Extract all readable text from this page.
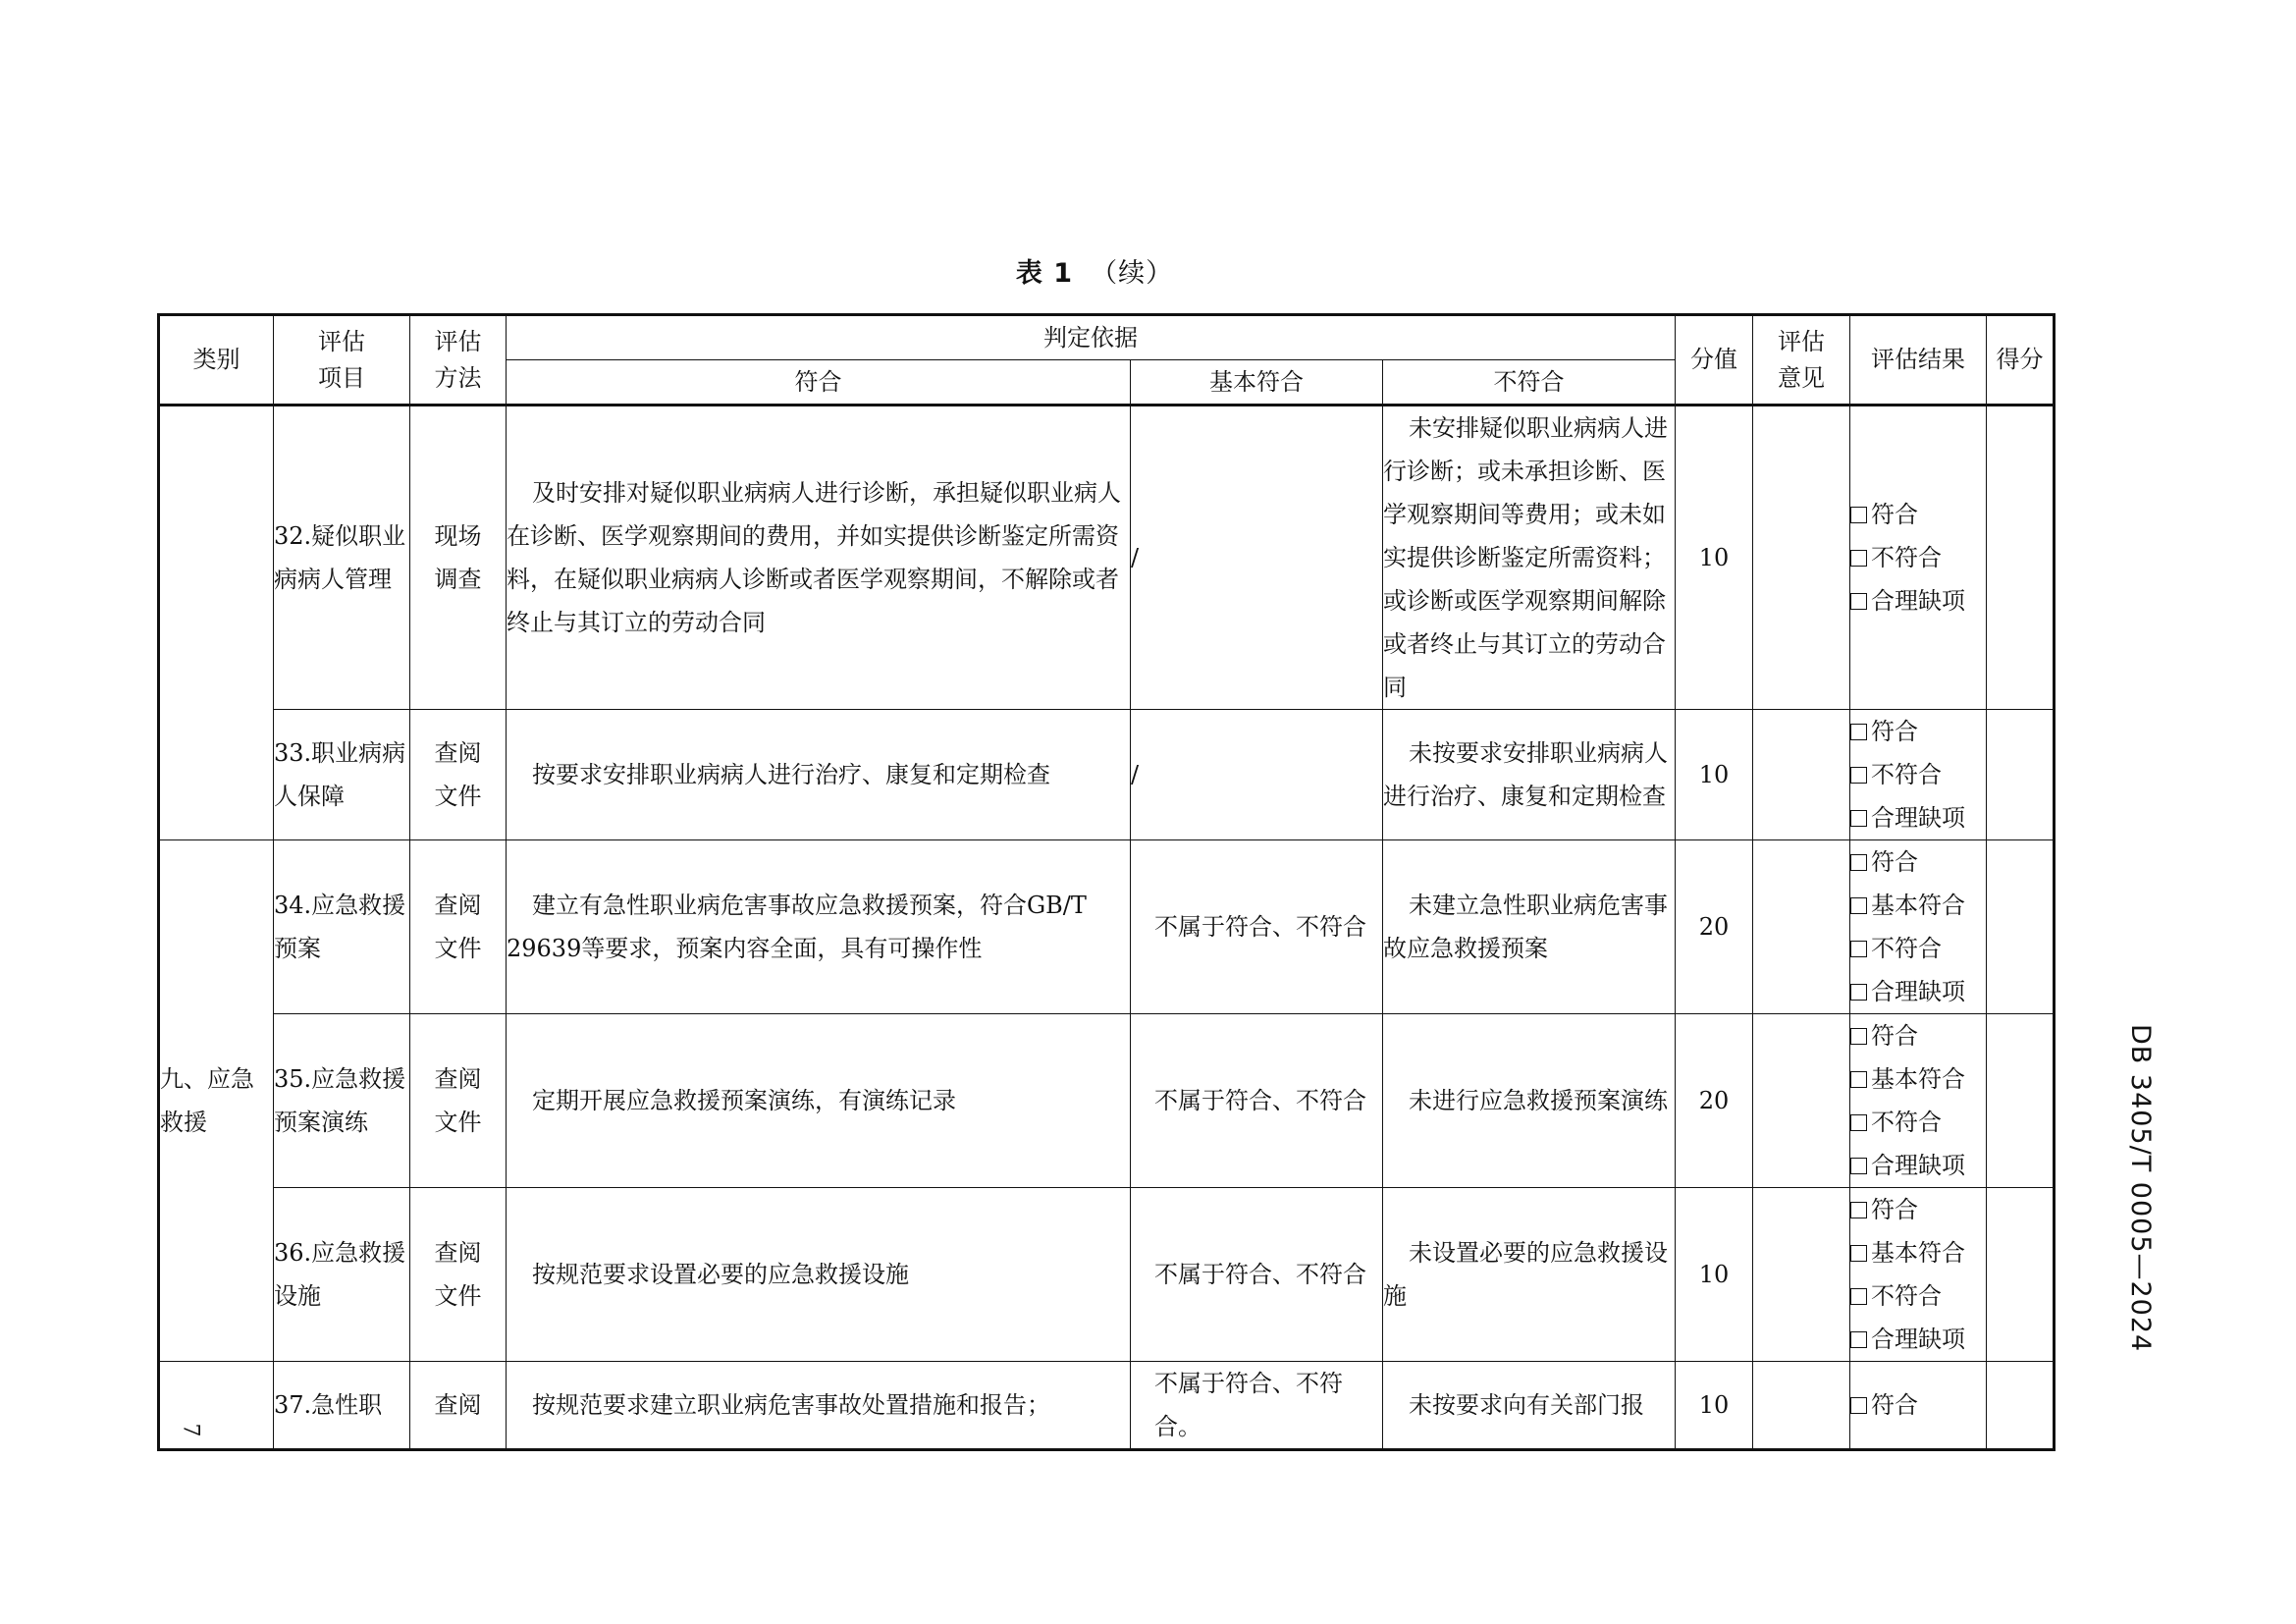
表 1 （续）
类别	评估项目	评估方法	判定依据			分值	评估意见	评估结果	得分
			符合	基本符合	不符合				
	32.疑似职业病病人管理	现场调查	及时安排对疑似职业病病人进行诊断，承担疑似职业病人在诊断、医学观察期间的费用，并如实提供诊断鉴定所需资料，在疑似职业病病人诊断或者医学观察期间，不解除或者终止与其订立的劳动合同	/	未安排疑似职业病病人进行诊断；或未承担诊断、医学观察期间等费用；或未如实提供诊断鉴定所需资料；或诊断或医学观察期间解除或者终止与其订立的劳动合同	10		符合
不符合
合理缺项	

	33.职业病病人保障	查阅文件	按要求安排职业病病人进行治疗、康复和定期检查	/	未按要求安排职业病病人进行治疗、康复和定期检查	10		符合
不符合
合理缺项	

九、应急救援	34.应急救援预案	查阅文件	建立有急性职业病危害事故应急救援预案，符合GB/T 29639等要求，预案内容全面，具有可操作性	不属于符合、不符合	未建立急性职业病危害事故应急救援预案	20		符合
基本符合
不符合
合理缺项	

	35.应急救援预案演练	查阅文件	定期开展应急救援预案演练，有演练记录	不属于符合、不符合	未进行应急救援预案演练	20		符合
基本符合
不符合
合理缺项	

	36.应急救援设施	查阅文件	按规范要求设置必要的应急救援设施	不属于符合、不符合	未设置必要的应急救援设施	10		符合
基本符合
不符合
合理缺项	

	37.急性职	查阅	按规范要求建立职业病危害事故处置措施和报告；	不属于符合、不符合。	未按要求向有关部门报	10		符合	

DB 3405/T 0005—2024
7
